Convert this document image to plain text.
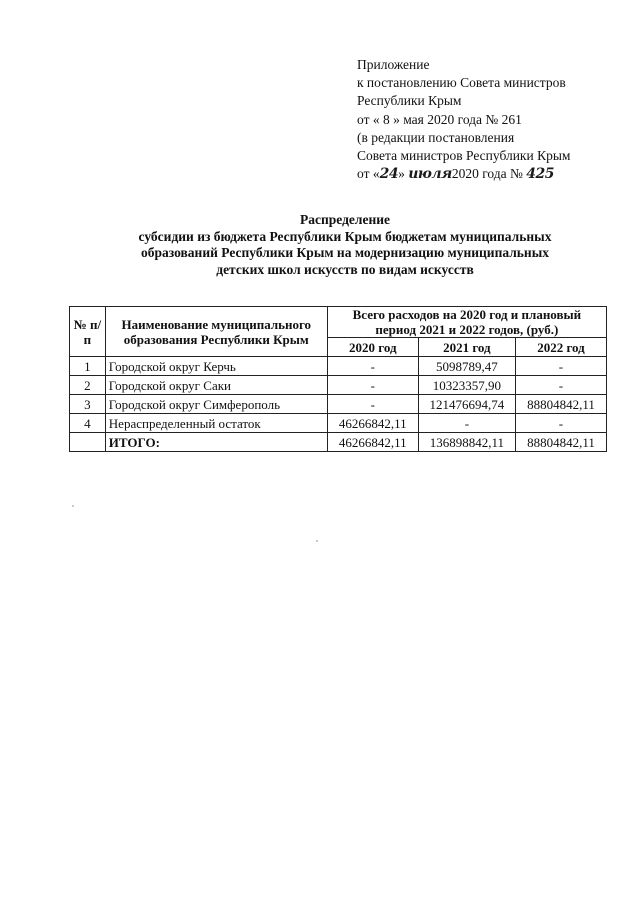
Приложение
к постановлению Совета министров
Республики Крым
от « 8 » мая 2020 года № 261
(в редакции постановления
Совета министров Республики Крым
от «24» июля2020 года № 425
Распределение
субсидии из бюджета Республики Крым бюджетам муниципальных
образований Республики Крым на модернизацию муниципальных
детских школ искусств по видам искусств
№ п/п	Наименование муниципального образования Республики Крым	Всего расходов на 2020 год и плановый период 2021 и 2022 годов, (руб.)		
		2020 год	2021 год	2022 год
1	Городской округ Керчь	-	5098789,47	-
2	Городской округ Саки	-	10323357,90	-
3	Городской округ Симферополь	-	121476694,74	88804842,11
4	Нераспределенный остаток	46266842,11	-	-
	ИТОГО:	46266842,11	136898842,11	88804842,11
